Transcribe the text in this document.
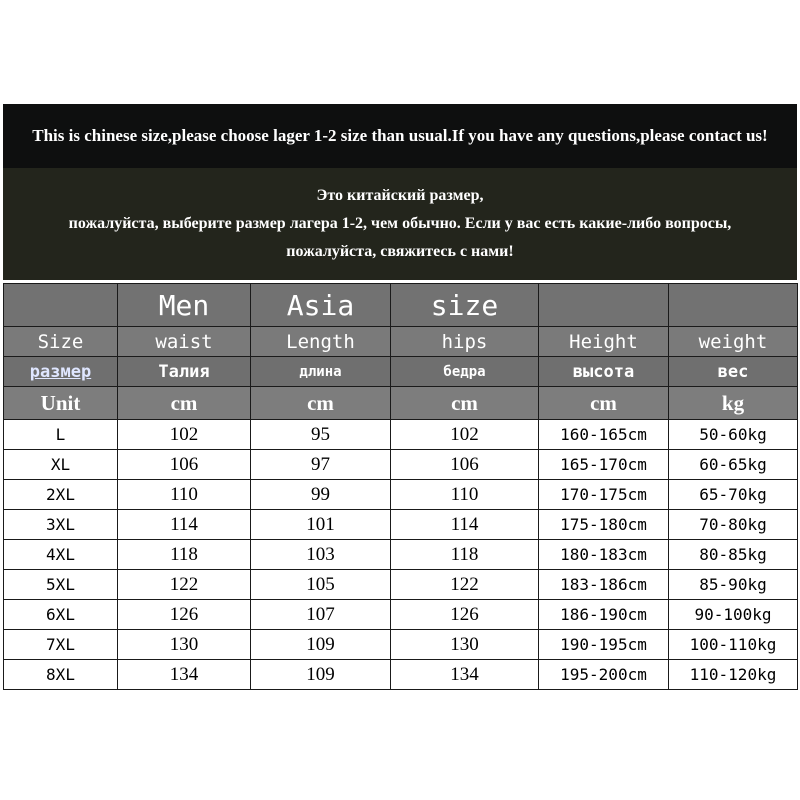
This is chinese size,please choose lager 1-2 size than usual.If you have any questions,please contact us!
Это китайский размер,
пожалуйста, выберите размер лагера 1-2, чем обычно. Если у вас есть какие-либо вопросы,
пожалуйста, свяжитесь с нами!
	Men	Asia	size		
Size	waist	Length	hips	Height	weight
размер	Талия	длина	бедра	высота	вес
Unit	cm	cm	cm	cm	kg
L	102	95	102	160-165cm	50-60kg
XL	106	97	106	165-170cm	60-65kg
2XL	110	99	110	170-175cm	65-70kg
3XL	114	101	114	175-180cm	70-80kg
4XL	118	103	118	180-183cm	80-85kg
5XL	122	105	122	183-186cm	85-90kg
6XL	126	107	126	186-190cm	90-100kg
7XL	130	109	130	190-195cm	100-110kg
8XL	134	109	134	195-200cm	110-120kg
